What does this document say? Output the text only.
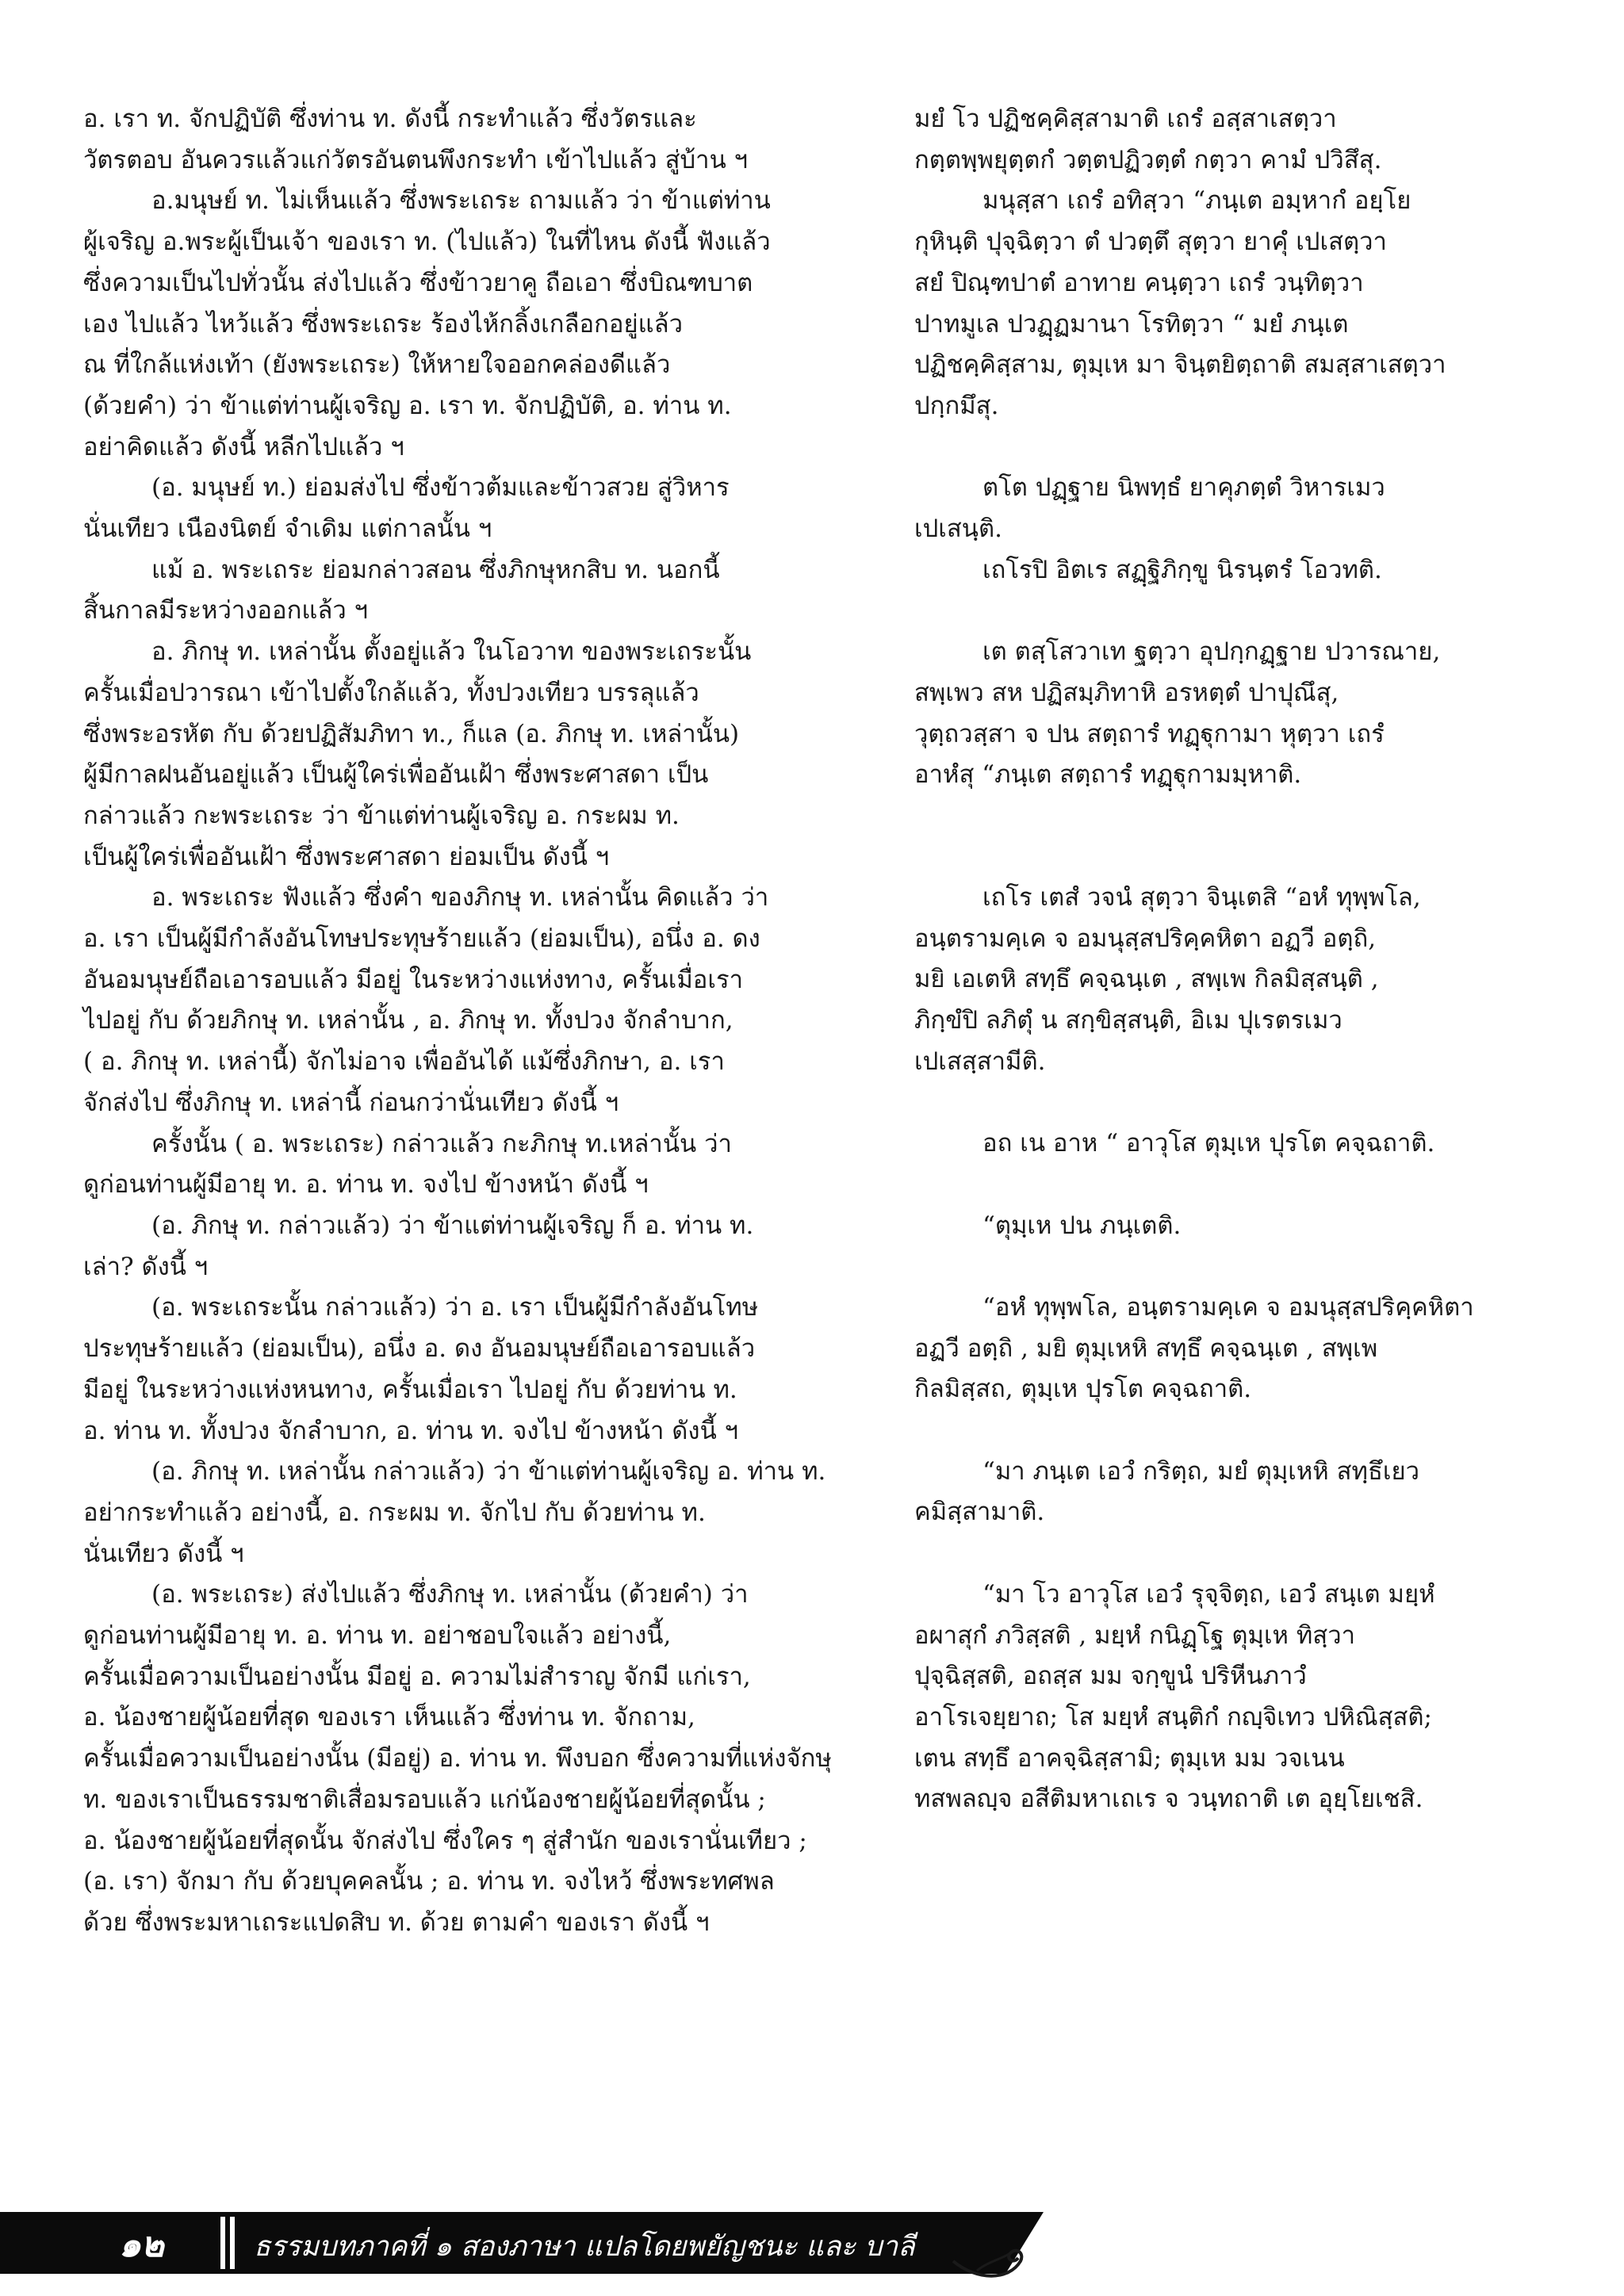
อ. เรา ท. จักปฏิบัติ ซึ่งท่าน ท. ดังนี้ กระทำแล้ว ซึ่งวัตรและ
วัตรตอบ อันควรแล้วแก่วัตรอันตนพึงกระทำ เข้าไปแล้ว สู่บ้าน ฯ

อ.มนุษย์ ท. ไม่เห็นแล้ว ซึ่งพระเถระ ถามแล้ว ว่า ข้าแต่ท่าน
ผู้เจริญ อ.พระผู้เป็นเจ้า ของเรา ท. (ไปแล้ว) ในที่ไหน ดังนี้ ฟังแล้ว
ซึ่งความเป็นไปทั่วนั้น ส่งไปแล้ว ซึ่งข้าวยาคู ถือเอา ซึ่งบิณฑบาต
เอง ไปแล้ว ไหว้แล้ว ซึ่งพระเถระ ร้องไห้กลิ้งเกลือกอยู่แล้ว
ณ ที่ใกล้แห่งเท้า (ยังพระเถระ) ให้หายใจออกคล่องดีแล้ว
(ด้วยคำ) ว่า ข้าแต่ท่านผู้เจริญ อ. เรา ท. จักปฏิบัติ, อ. ท่าน ท.
อย่าคิดแล้ว ดังนี้ หลีกไปแล้ว ฯ

(อ. มนุษย์ ท.) ย่อมส่งไป ซึ่งข้าวต้มและข้าวสวย สู่วิหาร
นั่นเทียว เนืองนิตย์ จำเดิม แต่กาลนั้น ฯ

แม้ อ. พระเถระ ย่อมกล่าวสอน ซึ่งภิกษุหกสิบ ท. นอกนี้
สิ้นกาลมีระหว่างออกแล้ว ฯ

อ. ภิกษุ ท. เหล่านั้น ตั้งอยู่แล้ว ในโอวาท ของพระเถระนั้น
ครั้นเมื่อปวารณา เข้าไปตั้งใกล้แล้ว, ทั้งปวงเทียว บรรลุแล้ว
ซึ่งพระอรหัต กับ ด้วยปฏิสัมภิทา ท., ก็แล (อ. ภิกษุ ท. เหล่านั้น)
ผู้มีกาลฝนอันอยู่แล้ว เป็นผู้ใคร่เพื่ออันเฝ้า ซึ่งพระศาสดา เป็น
กล่าวแล้ว กะพระเถระ ว่า ข้าแต่ท่านผู้เจริญ อ. กระผม ท.
เป็นผู้ใคร่เพื่ออันเฝ้า ซึ่งพระศาสดา ย่อมเป็น ดังนี้ ฯ

อ. พระเถระ ฟังแล้ว ซึ่งคำ ของภิกษุ ท. เหล่านั้น คิดแล้ว ว่า
อ. เรา เป็นผู้มีกำลังอันโทษประทุษร้ายแล้ว (ย่อมเป็น), อนึ่ง อ. ดง
อันอมนุษย์ถือเอารอบแล้ว มีอยู่ ในระหว่างแห่งทาง, ครั้นเมื่อเรา
ไปอยู่ กับ ด้วยภิกษุ ท. เหล่านั้น , อ. ภิกษุ ท. ทั้งปวง จักลำบาก,
( อ. ภิกษุ ท. เหล่านี้) จักไม่อาจ เพื่ออันได้ แม้ซึ่งภิกษา, อ. เรา
จักส่งไป ซึ่งภิกษุ ท. เหล่านี้ ก่อนกว่านั่นเทียว ดังนี้ ฯ

ครั้งนั้น ( อ. พระเถระ) กล่าวแล้ว กะภิกษุ ท.เหล่านั้น ว่า
ดูก่อนท่านผู้มีอายุ ท. อ. ท่าน ท. จงไป ข้างหน้า ดังนี้ ฯ

(อ. ภิกษุ ท. กล่าวแล้ว) ว่า ข้าแต่ท่านผู้เจริญ ก็ อ. ท่าน ท.
เล่า? ดังนี้ ฯ

(อ. พระเถระนั้น กล่าวแล้ว) ว่า อ. เรา เป็นผู้มีกำลังอันโทษ
ประทุษร้ายแล้ว (ย่อมเป็น), อนึ่ง อ. ดง อันอมนุษย์ถือเอารอบแล้ว
มีอยู่ ในระหว่างแห่งหนทาง, ครั้นเมื่อเรา ไปอยู่ กับ ด้วยท่าน ท.
อ. ท่าน ท. ทั้งปวง จักลำบาก, อ. ท่าน ท. จงไป ข้างหน้า ดังนี้ ฯ

(อ. ภิกษุ ท. เหล่านั้น กล่าวแล้ว) ว่า ข้าแต่ท่านผู้เจริญ อ. ท่าน ท.
อย่ากระทำแล้ว อย่างนี้, อ. กระผม ท. จักไป กับ ด้วยท่าน ท.
นั่นเทียว ดังนี้ ฯ

(อ. พระเถระ) ส่งไปแล้ว ซึ่งภิกษุ ท. เหล่านั้น (ด้วยคำ) ว่า
ดูก่อนท่านผู้มีอายุ ท. อ. ท่าน ท. อย่าชอบใจแล้ว อย่างนี้,
ครั้นเมื่อความเป็นอย่างนั้น มีอยู่ อ. ความไม่สำราญ จักมี แก่เรา,
อ. น้องชายผู้น้อยที่สุด ของเรา เห็นแล้ว ซึ่งท่าน ท. จักถาม,
ครั้นเมื่อความเป็นอย่างนั้น (มีอยู่) อ. ท่าน ท. พึงบอก ซึ่งความที่แห่งจักษุ
ท. ของเราเป็นธรรมชาติเสื่อมรอบแล้ว แก่น้องชายผู้น้อยที่สุดนั้น ;
อ. น้องชายผู้น้อยที่สุดนั้น จักส่งไป ซึ่งใคร ๆ สู่สำนัก ของเรานั่นเทียว ;
(อ. เรา) จักมา กับ ด้วยบุคคลนั้น ; อ. ท่าน ท. จงไหว้ ซึ่งพระทศพล
ด้วย ซึ่งพระมหาเถระแปดสิบ ท. ด้วย ตามคำ ของเรา ดังนี้ ฯ

มยํ โว ปฏิชคฺคิสฺสามาติ เถรํ อสฺสาเสตฺวา
กตฺตพฺพยุตฺตกํ วตฺตปฏิวตฺตํ กตฺวา คามํ ปวิสึสุ.

มนุสฺสา เถรํ อทิสฺวา “ภนฺเต อมฺหากํ อยฺโย
กุหินฺติ ปุจฺฉิตฺวา ตํ ปวตฺตึ สุตฺวา ยาคุํ เปเสตฺวา
สยํ ปิณฺฑปาตํ อาทาย คนฺตฺวา เถรํ วนฺทิตฺวา
ปาทมูเล ปวฏฺฏมานา โรทิตฺวา “ มยํ ภนฺเต
ปฏิชคฺคิสฺสาม, ตุมฺเห มา จินฺตยิตฺถาติ สมสฺสาเสตฺวา
ปกฺกมึสุ.

ตโต ปฏฺฐาย นิพทฺธํ ยาคุภตฺตํ วิหารเมว
เปเสนฺติ.

เถโรปิ อิตเร สฏฺฐิภิกฺขู นิรนฺตรํ โอวทติ.

เต ตสฺโสวาเท ฐตฺวา อุปกฺกฏฺฐาย ปวารณาย,
สพฺเพว สห ปฏิสมฺภิทาหิ อรหตฺตํ ปาปุณึสุ,
วุตฺถวสฺสา จ ปน สตฺถารํ ทฏฺฐุกามา หุตฺวา เถรํ
อาหํสุ “ภนฺเต สตฺถารํ ทฏฺฐุกามมฺหาติ.

เถโร เตสํ วจนํ สุตฺวา จินฺเตสิ “อหํ ทุพฺพโล,
อนฺตรามคฺเค จ อมนุสฺสปริคฺคหิตา อฏวี อตฺถิ,
มยิ เอเตหิ สทฺธึ คจฺฉนฺเต , สพฺเพ กิลมิสฺสนฺติ ,
ภิกฺขํปิ ลภิตุํ น สกฺขิสฺสนฺติ, อิเม ปุเรตรเมว
เปเสสฺสามีติ.

อถ เน อาห “ อาวุโส ตุมฺเห ปุรโต คจฺฉถาติ.

“ตุมฺเห ปน ภนฺเตติ.

“อหํ ทุพฺพโล, อนฺตรามคฺเค จ อมนุสฺสปริคฺคหิตา
อฏวี อตฺถิ , มยิ ตุมฺเหหิ สทฺธึ คจฺฉนฺเต , สพฺเพ
กิลมิสฺสถ, ตุมฺเห ปุรโต คจฺฉถาติ.

“มา ภนฺเต เอวํ กริตฺถ, มยํ ตุมฺเหหิ สทฺธึเยว
คมิสฺสามาติ.

“มา โว อาวุโส เอวํ รุจฺจิตฺถ, เอวํ สนฺเต มยฺหํ
อผาสุกํ ภวิสฺสติ , มยฺหํ กนิฏฺโฐ ตุมฺเห ทิสฺวา
ปุจฺฉิสฺสติ, อถสฺส มม จกฺขูนํ ปริหีนภาวํ
อาโรเจยฺยาถ; โส มยฺหํ สนฺติกํ กญฺจิเทว ปหิณิสฺสติ;
เตน สทฺธึ อาคจฺฉิสฺสามิ; ตุมฺเห มม วจเนน
ทสพลญฺจ อสีติมหาเถเร จ วนฺทถาติ เต อุยฺโยเชสิ.

๑๒	ธรรมบทภาคที่ ๑ สองภาษา แปลโดยพยัญชนะ และ บาลี
